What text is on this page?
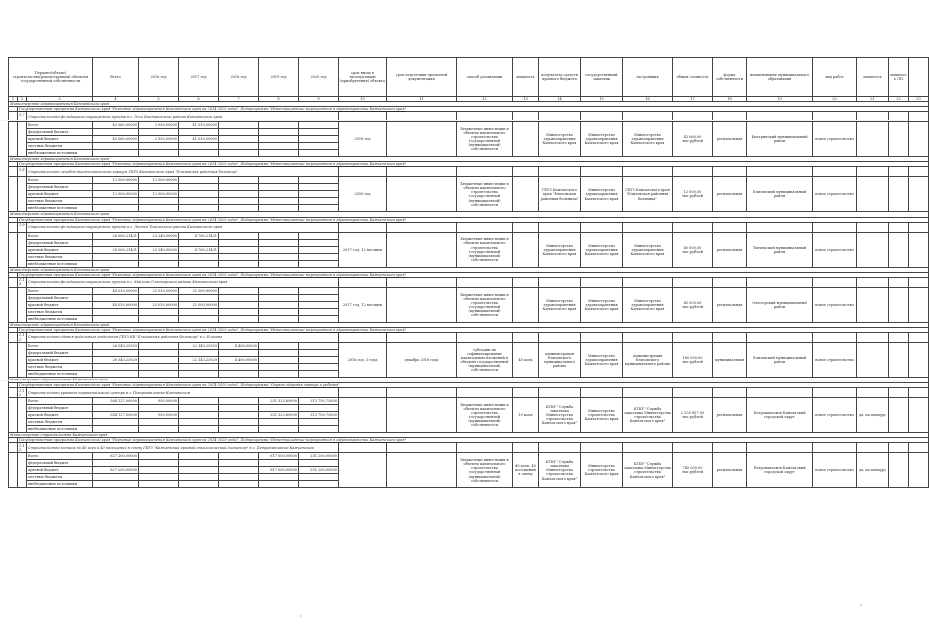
Пердмет(объект) строительства(реконструкции) объектов государственной собственности			Всего	2016 год	2017 год	2018 год	2019 год	2020 год	срок ввода в эксплуатацию (приобретения) объекта	срок подготовки проектной документации	способ реализации	мощность	получатель средств краевого бюджета	государственный заказчик	застройщик	общая стоимость	форма собственности	наименование муниципального образования	вид работ	мощность	мощность ЛП	
1	2	3	4	5	6	7	8	9	10	11	12	13	14	15	16	17	18	19	20	21	22	23
Министерство здравоохранения Камчатского края																						
	Государственная программа Камчатского края "Развитие здравоохранения Камчатского края на 2014-2020 годы", Подпрограмма "Инвестиционные мероприятия в здравоохранении Камчатского края"																					
	1.7.	Строительство фельдшерско-акушерского пункта в с. Эссо Быстринского района Камчатского края																				
		Всего	43 060,00000	2 050,00000	41 010,00000				2018 год		Бюджетные инвестиции в объекты капитального строительства государственной (муниципальной) собственности		Министерство здравоохранения Камчатского края	Министерство здравоохранения Камчатского края	Министерство здравоохранения Камчатского края	43 060,00 тыс.рублей	региональная	Быстринский муниципальный район	новое строительство			
		федеральный бюджет																				
		краевой бюджет	43 060,00000	2 050,00000	41 010,00000																	
		местные бюджеты																				
		внебюджетные источники																				
Министерство здравоохранения Камчатского края																						
	Государственная программа Камчатского края "Развитие здравоохранения Камчатского края на 2014-2020 годы", Подпрограмма "Инвестиционные мероприятия в здравоохранении Камчатского края"																					
	1.8.	Строительство лечебно-диагностического корпуса ГБУЗ Камчатского края "Елизовская районная больница"																				
		Всего	12 000,00000	12 000,00000					2016 год		Бюджетные инвестиции в объекты капитального строительства государственной (муниципальной) собственности		ГБУЗ Камчатского края "Елизовская районная больница"	Министерство здравоохранения Камчатского края	ГБУЗ Камчатского края "Елизовская районная больница"	12 000,00 тыс.рублей	региональная	Елизовский муниципальный район	новое строительство			
		федеральный бюджет																				
		краевой бюджет	12 000,00000	12 000,00000																		
		местные бюджеты																				
		внебюджетные источники																				
Министерство здравоохранения Камчатского края																						
	Государственная программа Камчатского края "Развитие здравоохранения Камчатского края на 2014-2020 годы", Подпрограмма "Инвестиционные мероприятия в здравоохранении Камчатского края"																					
	1.9.	Строительство фельдшерско-акушерского пункта в с. Лесная Тигильского района Камчатского края																				
		Всего	28 000,21431	23 240,00000	4 760,21431				2017 год, 12 месяцев		Бюджетные инвестиции в объекты капитального строительства государственной (муниципальной) собственности		Министерство здравоохранения Камчатского края	Министерство здравоохранения Камчатского края	Министерство здравоохранения Камчатского края	40 000,00 тыс.рублей	региональная	Тигильский муниципальный район	новое строительство			
		федеральный бюджет																				
		краевой бюджет	28 000,21431	23 240,00000	4 760,21431																	
		местные бюджеты																				
		внебюджетные источники																				
Министерство здравоохранения Камчатского края																						
	Государственная программа Камчатского края "Развитие здравоохранения Камчатского края на 2014-2020 годы", Подпрограмма "Инвестиционные мероприятия в здравоохранении Камчатского края"																					
	1.10.	Строительство фельдшерско-акушерского пункта в с. Хайлино Олюторского района Камчатского края																				
		Всего	44 010,00000	23 010,00000	21 000,00000				2017 год, 12 месяцев		Бюджетные инвестиции в объекты капитального строительства государственной (муниципальной) собственности		Министерство здравоохранения Камчатского края	Министерство здравоохранения Камчатского края	Министерство здравоохранения Камчатского края	45 000,00 тыс.рублей	региональная	Олюторский муниципальный район	новое строительство			
		федеральный бюджет																				
		краевой бюджет	44 010,00000	23 010,00000	21 000,00000																	
		местные бюджеты																				
		внебюджетные источники																				
Министерство здравоохранения Камчатского края																						
	Государственная программа Камчатского края "Развитие здравоохранения Камчатского края на 2014-2020 годы", Подпрограмма "Инвестиционные мероприятия в здравоохранении Камчатского края"																					
	1.11.	Строительство здания родильного отделения ГБУЗ КК "Елизовская районная больница" в г. Елизово																				
		Всего	26 543,25529		22 143,25529	4 400,00000			2016 год, 3 года	декабрь 2016 года	субсидии на софинансирование капитальных вложений в объекты государственной (муниципальной) собственности	40 коек	администрация Елизовского муниципального района	Министерство здравоохранения Камчатского края	Администрация Елизовского муниципального района	180 000,00 тыс.рублей	муниципальная	Елизовский муниципальный район	новое строительство			
		федеральный бюджет																				
		краевой бюджет	26 543,25529		22 143,25529	4 400,00000																
		местные бюджеты																				
		внебюджетные источники																				

	Государственная программа Камчатского края "Развитие здравоохранения Камчатского края на 2014-2020 годы", Подпрограмма "Охрана здоровья матери и ребенка"																					
	1.12.	Строительство краевого перинатального центра в г. Петропавловске-Камчатском																				
		Всего	584 127,00000	950,00000			251 323,69000	313 750,73000			Бюджетные инвестиции в объекты капитального строительства государственной (муниципальной) собственности	10 коек	КГКУ "Служба заказчика Министерства строительства Камчатского края"	Министерство строительства Камчатского края	КГКУ "Служба заказчика Министерства строительства Камчатского края"	2 250 857,00 тыс.рублей	региональная	Петропавловск-Камчатский городской округ	новое строительство	да, на конкурс		
		федеральный бюджет																				
		краевой бюджет	584 127,00000	950,00000			251 323,69000	313 750,73000														
		местные бюджеты																				
		внебюджетные источники																				
Министерство строительства Камчатского края																						
	Государственная программа Камчатского края "Развитие здравоохранения Камчатского края на 2014-2020 годы", Подпрограмма "Инвестиционные мероприятия в здравоохранении Камчатского края"																					
	1.13.	Строительство хосписа на 40 коек и 40 посещений в смену ГБУЗ "Камчатский краевой онкологический диспансер" в г. Петропавловске-Камчатском																				
		Всего	627 200,00000				617 000,00000	251 200,00000			Бюджетные инвестиции в объекты капитального строительства государственной (муниципальной) собственности	40 коек, 40 посещений в смену	КГКУ "Служба заказчика Министерства строительства Камчатского края"	Министерство строительства Камчатского края	КГКУ "Служба заказчика Министерства строительства Камчатского края"	745 000,00 тыс.рублей	региональная	Петропавловск-Камчатский городской округ	новое строительство	да, на конкурс		
		федеральный бюджет																				
		краевой бюджет	627 200,00000				617 000,00000	251 200,00000														
		местные бюджеты																				
		внебюджетные источники																				
